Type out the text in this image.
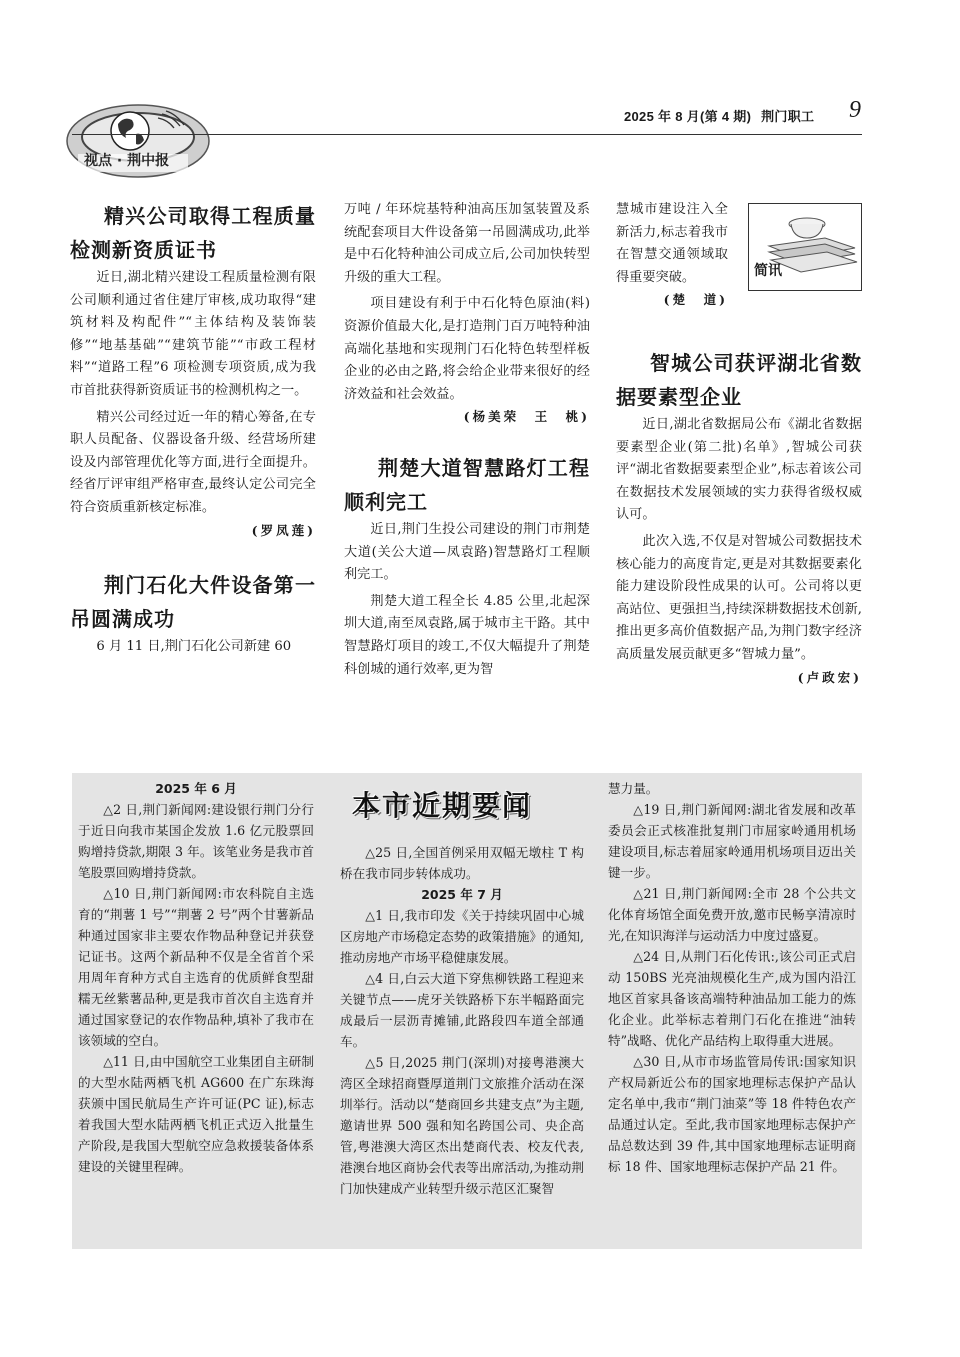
视点 · 荆中报
2025 年 8 月(第 4 期) 荆门职工 9
精兴公司取得工程质量检测新资质证书

近日,湖北精兴建设工程质量检测有限公司顺利通过省住建厅审核,成功取得“建筑材料及构配件”“主体结构及装饰装修”“地基基础”“建筑节能”“市政工程材料”“道路工程”6 项检测专项资质,成为我市首批获得新资质证书的检测机构之一。

精兴公司经过近一年的精心筹备,在专职人员配备、仪器设备升级、经营场所建设及内部管理优化等方面,进行全面提升。经省厅评审组严格审查,最终认定公司完全符合资质重新核定标准。

(罗凤莲)
荆门石化大件设备第一吊圆满成功

6 月 11 日,荆门石化公司新建 60

万吨 / 年环烷基特种油高压加氢装置及系统配套项目大件设备第一吊圆满成功,此举是中石化特种油公司成立后,公司加快转型升级的重大工程。

项目建设有利于中石化特色原油(料)资源价值最大化,是打造荆门百万吨特种油高端化基地和实现荆门石化特色转型样板企业的必由之路,将会给企业带来很好的经济效益和社会效益。

(杨美荣　王　桃)
荆楚大道智慧路灯工程顺利完工

近日,荆门生投公司建设的荆门市荆楚大道(关公大道—凤袁路)智慧路灯工程顺利完工。

荆楚大道工程全长 4.85 公里,北起深圳大道,南至凤袁路,属于城市主干路。其中智慧路灯项目的竣工,不仅大幅提升了荆楚科创城的通行效率,更为智

慧城市建设注入全新活力,标志着我市在智慧交通领域取得重要突破。

(楚　道)
智城公司获评湖北省数据要素型企业

近日,湖北省数据局公布《湖北省数据要素型企业(第二批)名单》,智城公司获评“湖北省数据要素型企业”,标志着该公司在数据技术发展领域的实力获得省级权威认可。

此次入选,不仅是对智城公司数据技术核心能力的高度肯定,更是对其数据要素化能力建设阶段性成果的认可。公司将以更高站位、更强担当,持续深耕数据技术创新,推出更多高价值数据产品,为荆门数字经济高质量发展贡献更多“智城力量”。

(卢政宏)
简讯
本市近期要闻
2025 年 6 月

△2 日,荆门新闻网:建设银行荆门分行于近日向我市某国企发放 1.6 亿元股票回购增持贷款,期限 3 年。该笔业务是我市首笔股票回购增持贷款。

△10 日,荆门新闻网:市农科院自主选育的“荆薯 1 号”“荆薯 2 号”两个甘薯新品种通过国家非主要农作物品种登记并获登记证书。这两个新品种不仅是全省首个采用周年育种方式自主选育的优质鲜食型甜糯无丝紫薯品种,更是我市首次自主选育并通过国家登记的农作物品种,填补了我市在该领域的空白。

△11 日,由中国航空工业集团自主研制的大型水陆两栖飞机 AG600 在广东珠海获颁中国民航局生产许可证(PC 证),标志着我国大型水陆两栖飞机正式迈入批量生产阶段,是我国大型航空应急救援装备体系建设的关键里程碑。

△25 日,全国首例采用双幅无墩柱 T 构桥在我市同步转体成功。

2025 年 7 月

△1 日,我市印发《关于持续巩固中心城区房地产市场稳定态势的政策措施》的通知,推动房地产市场平稳健康发展。

△4 日,白云大道下穿焦柳铁路工程迎来关键节点——虎牙关铁路桥下东半幅路面完成最后一层沥青摊铺,此路段四车道全部通车。

△5 日,2025 荆门(深圳)对接粤港澳大湾区全球招商暨厚道荆门文旅推介活动在深圳举行。活动以“楚商回乡共建支点”为主题,邀请世界 500 强和知名跨国公司、央企高管,粤港澳大湾区杰出楚商代表、校友代表,港澳台地区商协会代表等出席活动,为推动荆门加快建成产业转型升级示范区汇聚智

慧力量。

△19 日,荆门新闻网:湖北省发展和改革委员会正式核准批复荆门市屈家岭通用机场建设项目,标志着屈家岭通用机场项目迈出关键一步。

△21 日,荆门新闻网:全市 28 个公共文化体育场馆全面免费开放,邀市民畅享清凉时光,在知识海洋与运动活力中度过盛夏。

△24 日,从荆门石化传讯:,该公司正式启动 150BS 光亮油规模化生产,成为国内沿江地区首家具备该高端特种油品加工能力的炼化企业。此举标志着荆门石化在推进“油转特”战略、优化产品结构上取得重大进展。

△30 日,从市市场监管局传讯:国家知识产权局新近公布的国家地理标志保护产品认定名单中,我市“荆门油菜”等 18 件特色农产品通过认定。至此,我市国家地理标志保护产品总数达到 39 件,其中国家地理标志证明商标 18 件、国家地理标志保护产品 21 件。
